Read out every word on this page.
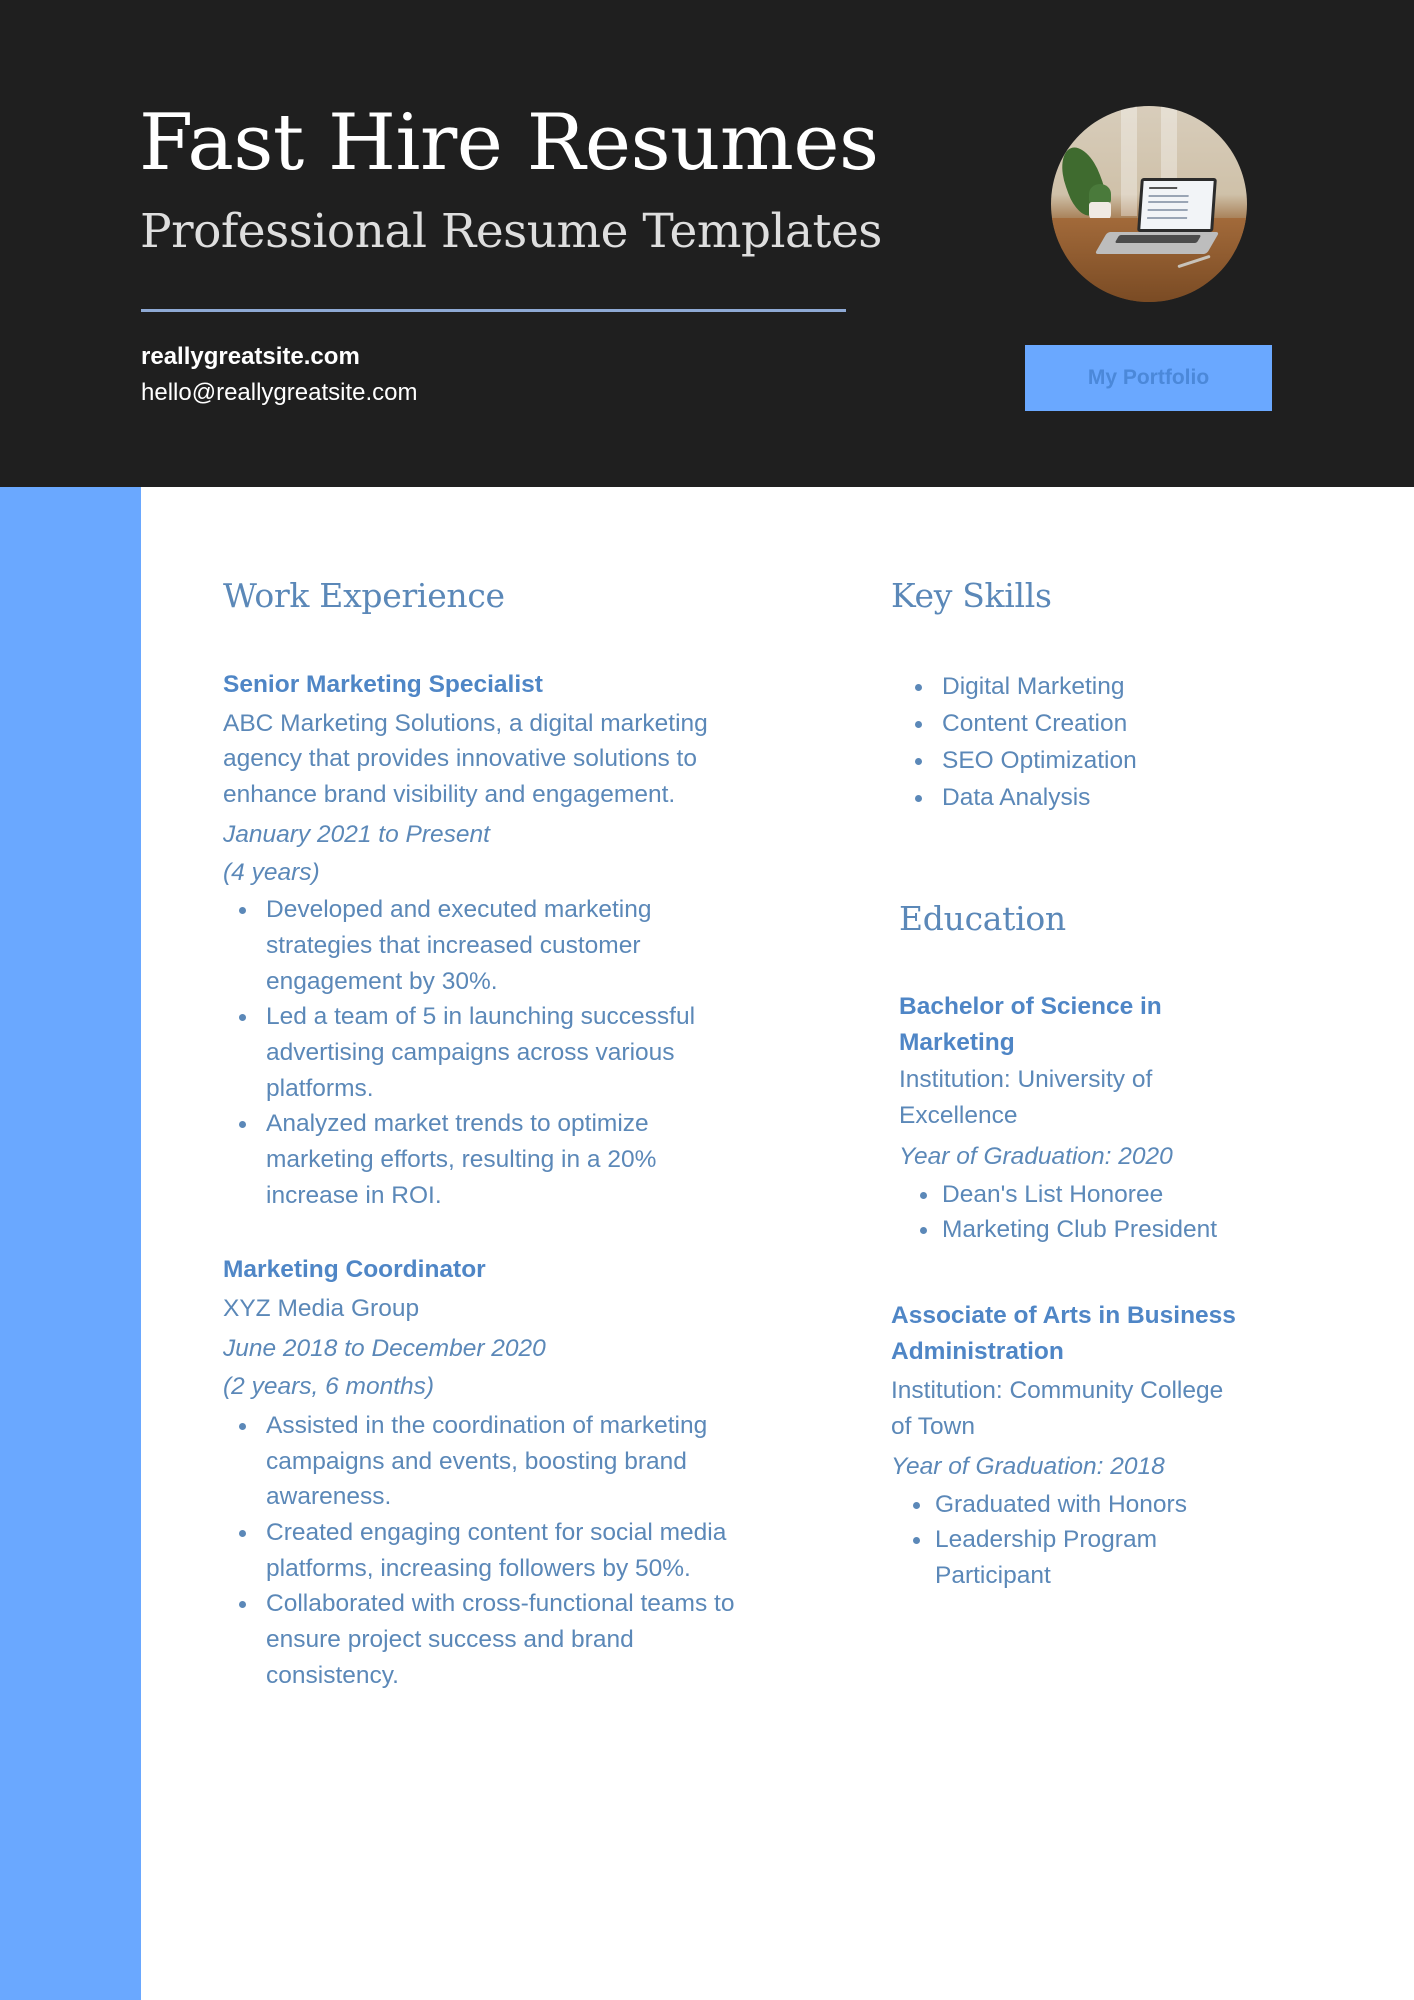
Fast Hire Resumes
Professional Resume Templates
reallygreatsite.com
hello@reallygreatsite.com
My Portfolio
Work Experience
Senior Marketing Specialist
ABC Marketing Solutions, a digital marketing
agency that provides innovative solutions to
enhance brand visibility and engagement.
January 2021 to Present
(4 years)
Developed and executed marketing
strategies that increased customer
engagement by 30%.
Led a team of 5 in launching successful
advertising campaigns across various
platforms.
Analyzed market trends to optimize
marketing efforts, resulting in a 20%
increase in ROI.
Marketing Coordinator
XYZ Media Group
June 2018 to December 2020
(2 years, 6 months)
Assisted in the coordination of marketing
campaigns and events, boosting brand
awareness.
Created engaging content for social media
platforms, increasing followers by 50%.
Collaborated with cross-functional teams to
ensure project success and brand
consistency.
Key Skills
Digital Marketing
Content Creation
SEO Optimization
Data Analysis
Education
Bachelor of Science in
Marketing
Institution: University of
Excellence
Year of Graduation: 2020
Dean's List Honoree
Marketing Club President
Associate of Arts in Business
Administration
Institution: Community College
of Town
Year of Graduation: 2018
Graduated with Honors
Leadership Program
Participant
